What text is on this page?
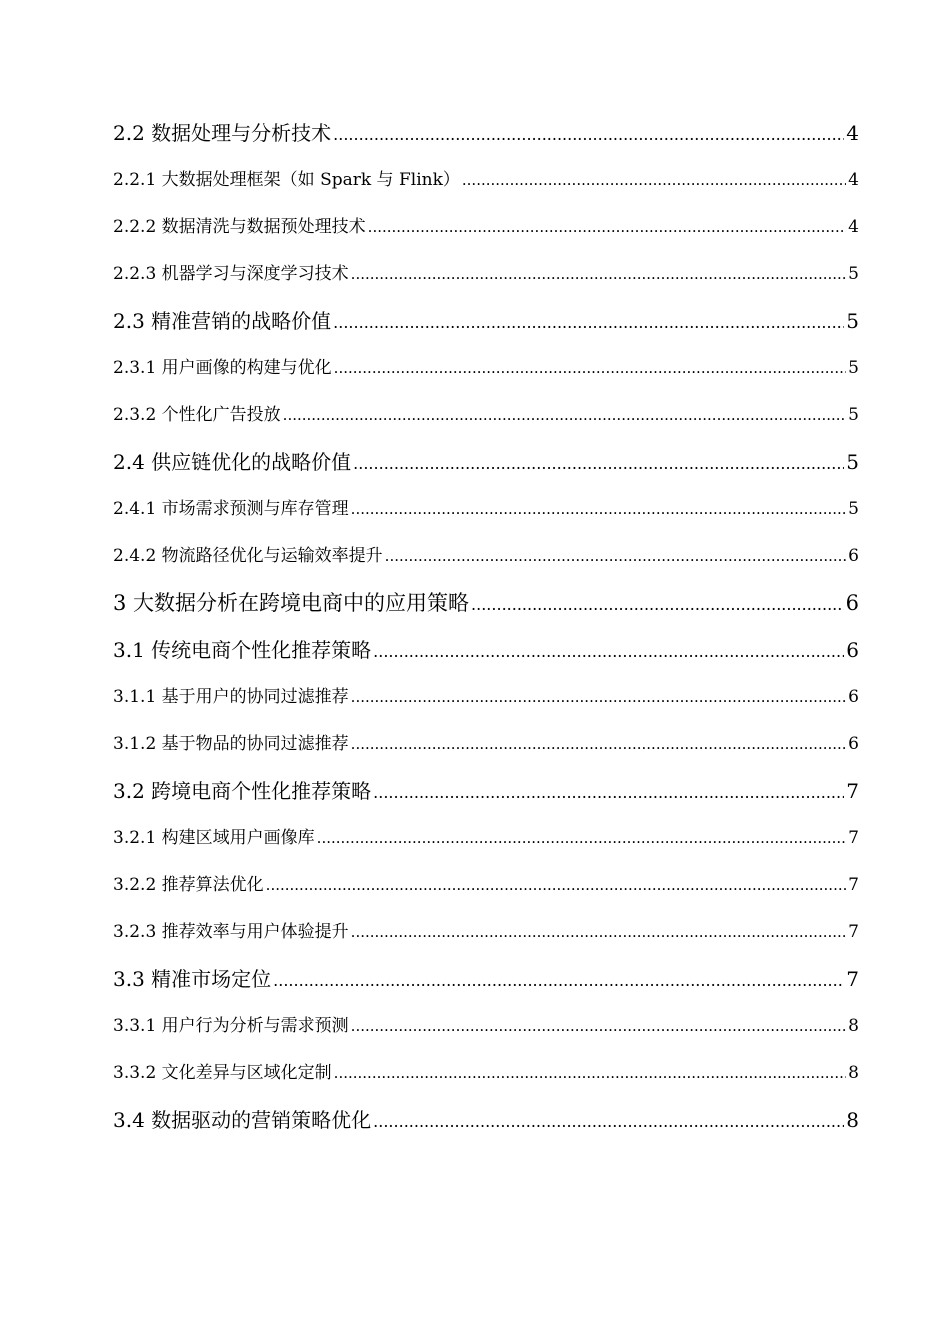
2.2 数据处理与分析技术 .....	4
2.2.1 大数据处理框架（如 Spark 与 Flink） .....	4
2.2.2 数据清洗与数据预处理技术 .....	4
2.2.3 机器学习与深度学习技术 .....	5
2.3 精准营销的战略价值 .....	5
2.3.1 用户画像的构建与优化 .....	5
2.3.2 个性化广告投放 .....	5
2.4 供应链优化的战略价值 .....	5
2.4.1 市场需求预测与库存管理 .....	5
2.4.2 物流路径优化与运输效率提升 .....	6
3 大数据分析在跨境电商中的应用策略 .....	6
3.1 传统电商个性化推荐策略 .....	6
3.1.1 基于用户的协同过滤推荐 .....	6
3.1.2 基于物品的协同过滤推荐 .....	6
3.2 跨境电商个性化推荐策略 .....	7
3.2.1 构建区域用户画像库 .....	7
3.2.2 推荐算法优化 .....	7
3.2.3 推荐效率与用户体验提升 .....	7
3.3 精准市场定位 .....	7
3.3.1 用户行为分析与需求预测 .....	8
3.3.2 文化差异与区域化定制 .....	8
3.4 数据驱动的营销策略优化 .....	8
